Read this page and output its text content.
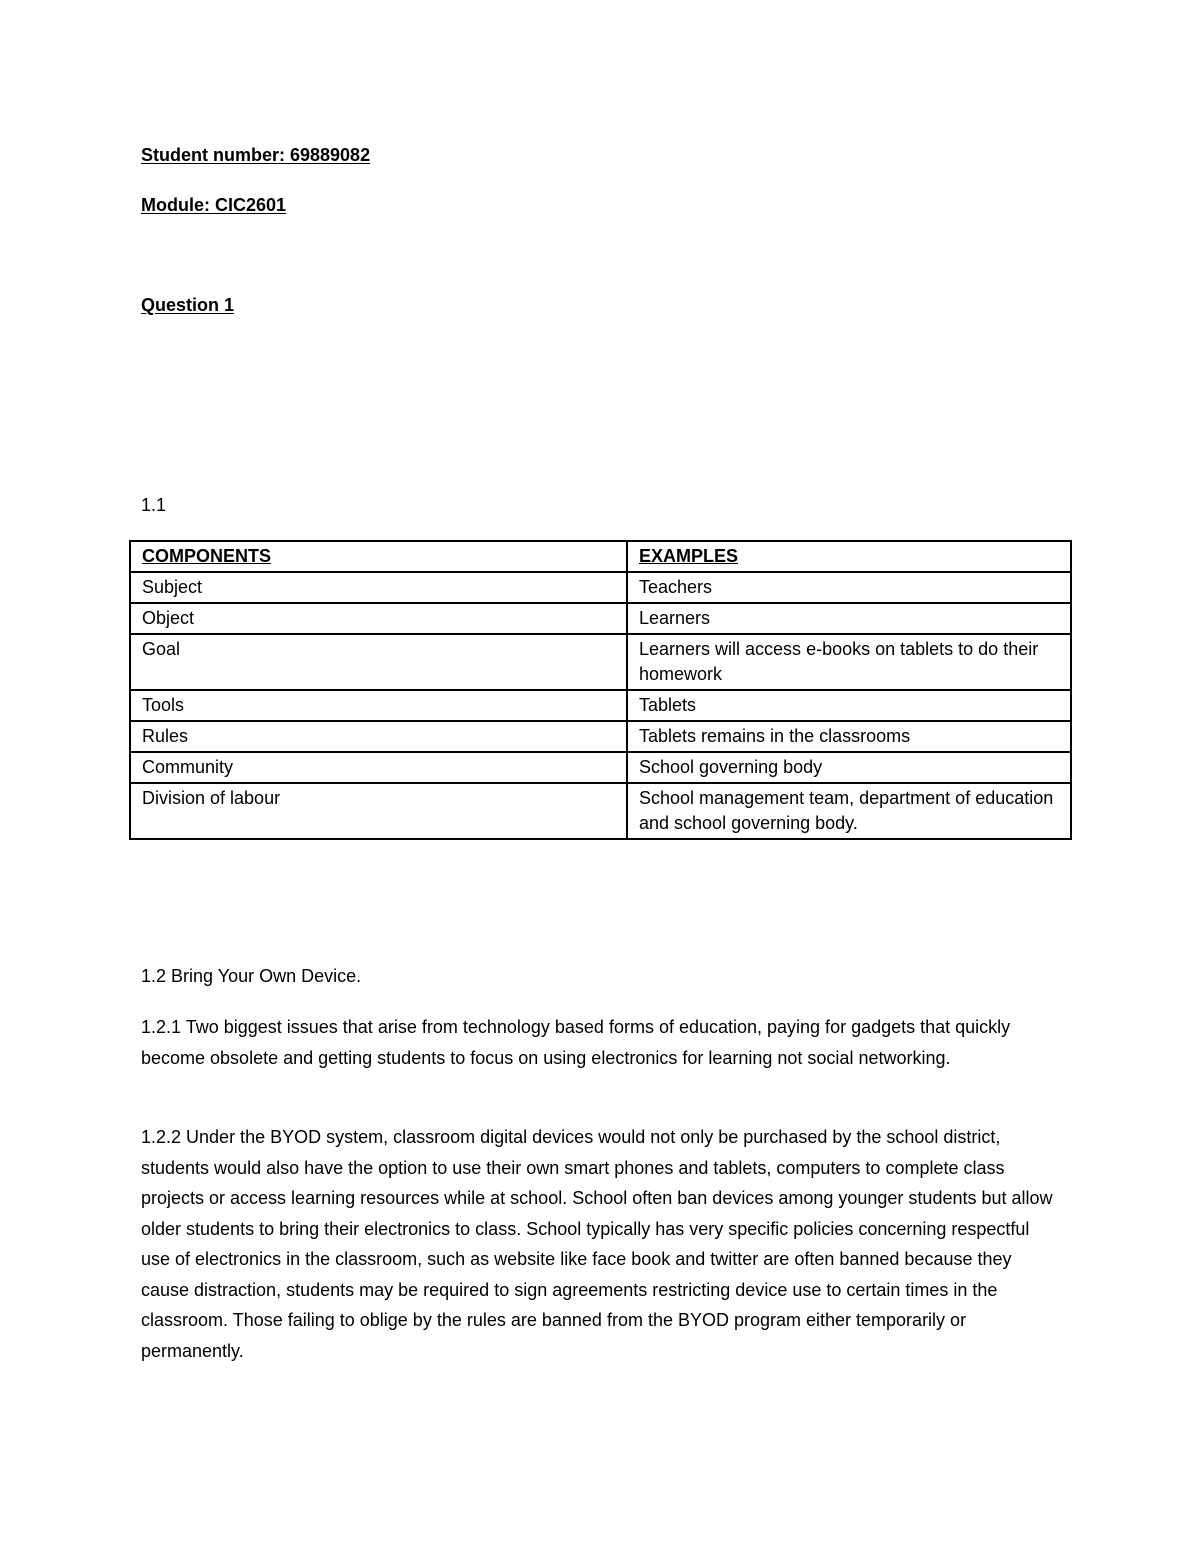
Student number: 69889082

Module: CIC2601

Question 1

1.1

COMPONENTS	EXAMPLES
Subject	Teachers
Object	Learners
Goal	Learners will access e-books on tablets to do their homework
Tools	Tablets
Rules	Tablets remains in the classrooms
Community	School governing body
Division of labour	School management team, department of education and school governing body.

1.2 Bring Your Own Device.

1.2.1 Two biggest issues that arise from technology based forms of education, paying for gadgets that quickly become obsolete and getting students to focus on using electronics for learning not social networking.

1.2.2 Under the BYOD system, classroom digital devices would not only be purchased by the school district, students would also have the option to use their own smart phones and tablets, computers to complete class projects or access learning resources while at school. School often ban devices among younger students but allow older students to bring their electronics to class. School typically has very specific policies concerning respectful use of electronics in the classroom, such as website like face book and twitter are often banned because they cause distraction, students may be required to sign agreements restricting device use to certain times in the classroom. Those failing to oblige by the rules are banned from the BYOD program either temporarily or permanently.
